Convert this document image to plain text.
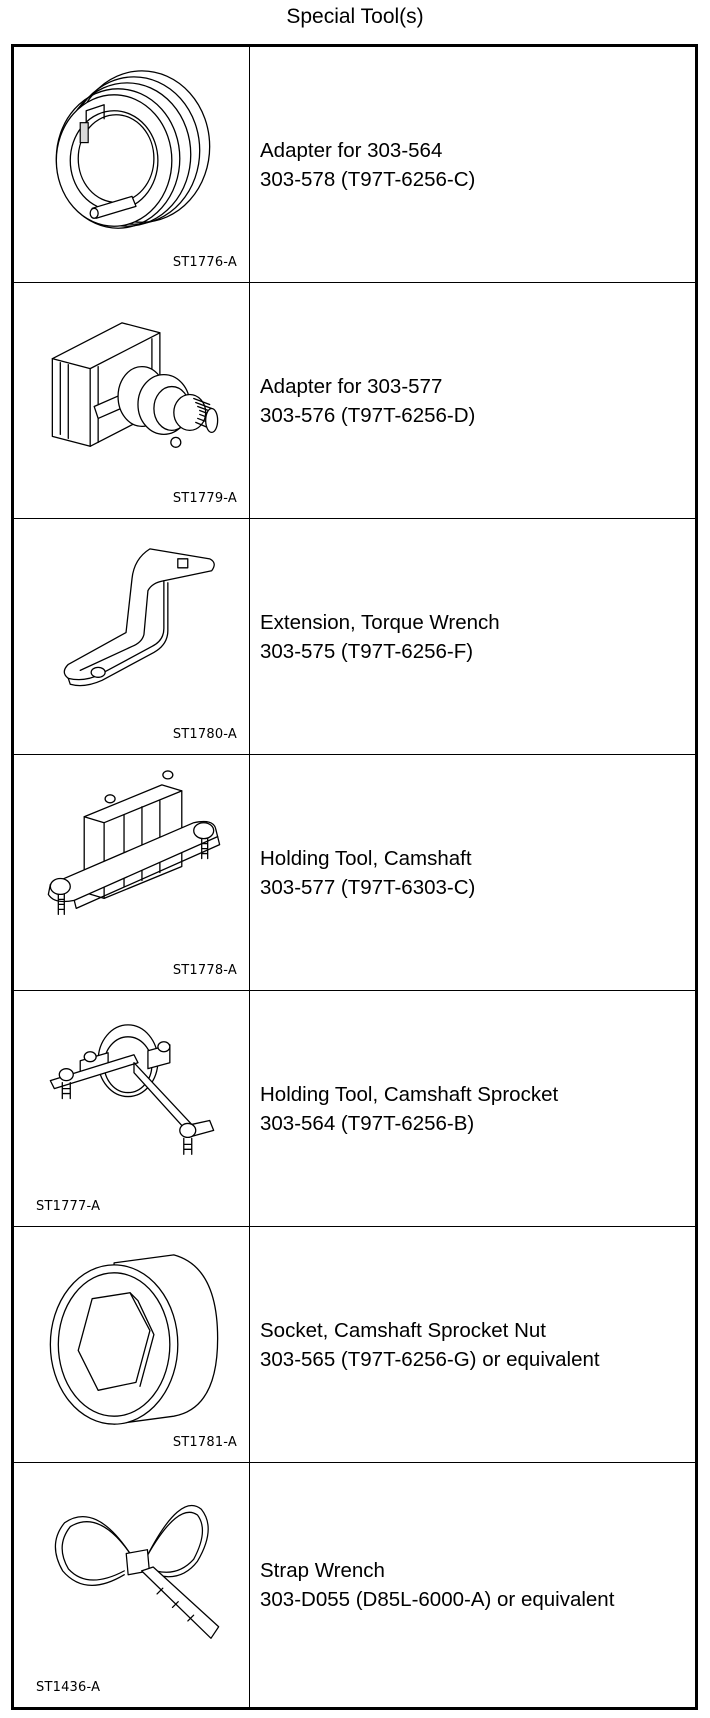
Special Tool(s)
ST1776-A
Adapter for 303-564
303-578 (T97T-6256-C)
ST1779-A
Adapter for 303-577
303-576 (T97T-6256-D)
ST1780-A
Extension, Torque Wrench
303-575 (T97T-6256-F)
ST1778-A
Holding Tool, Camshaft
303-577 (T97T-6303-C)
ST1777-A
Holding Tool, Camshaft Sprocket
303-564 (T97T-6256-B)
ST1781-A
Socket, Camshaft Sprocket Nut
303-565 (T97T-6256-G) or equivalent
ST1436-A
Strap Wrench
303-D055 (D85L-6000-A) or equivalent
